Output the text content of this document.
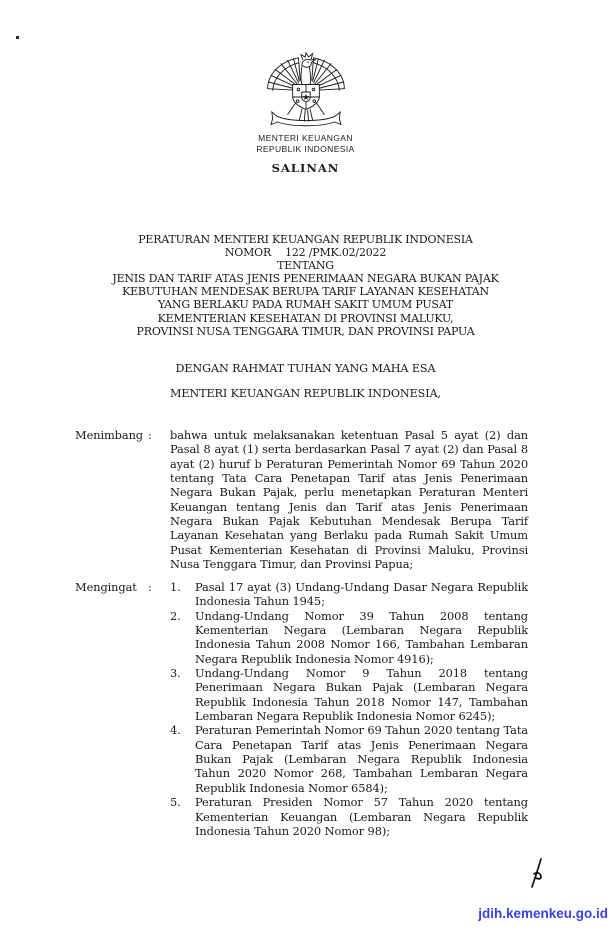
MENTERI KEUANGAN
REPUBLIK INDONESIA
SALINAN
PERATURAN MENTERI KEUANGAN REPUBLIK INDONESIA
NOMOR 122 /PMK.02/2022
TENTANG
JENIS DAN TARIF ATAS JENIS PENERIMAAN NEGARA BUKAN PAJAK
KEBUTUHAN MENDESAK BERUPA TARIF LAYANAN KESEHATAN
YANG BERLAKU PADA RUMAH SAKIT UMUM PUSAT
KEMENTERIAN KESEHATAN DI PROVINSI MALUKU,
PROVINSI NUSA TENGGARA TIMUR, DAN PROVINSI PAPUA
DENGAN RAHMAT TUHAN YANG MAHA ESA
MENTERI KEUANGAN REPUBLIK INDONESIA,
Menimbang :	bahwa untuk melaksanakan ketentuan Pasal 5 ayat (2) dan Pasal 8 ayat (1) serta berdasarkan Pasal 7 ayat (2) dan Pasal 8 ayat (2) huruf b Peraturan Pemerintah Nomor 69 Tahun 2020 tentang Tata Cara Penetapan Tarif atas Jenis Penerimaan Negara Bukan Pajak, perlu menetapkan Peraturan Menteri Keuangan tentang Jenis dan Tarif atas Jenis Penerimaan Negara Bukan Pajak Kebutuhan Mendesak Berupa Tarif Layanan Kesehatan yang Berlaku pada Rumah Sakit Umum Pusat Kementerian Kesehatan di Provinsi Maluku, Provinsi Nusa Tenggara Timur, dan Provinsi Papua;
Mengingat :	1.	Pasal 17 ayat (3) Undang-Undang Dasar Negara Republik Indonesia Tahun 1945;
2.	Undang-Undang Nomor 39 Tahun 2008 tentang Kementerian Negara (Lembaran Negara Republik Indonesia Tahun 2008 Nomor 166, Tambahan Lembaran Negara Republik Indonesia Nomor 4916);
3.	Undang-Undang Nomor 9 Tahun 2018 tentang Penerimaan Negara Bukan Pajak (Lembaran Negara Republik Indonesia Tahun 2018 Nomor 147, Tambahan Lembaran Negara Republik Indonesia Nomor 6245);
4.	Peraturan Pemerintah Nomor 69 Tahun 2020 tentang Tata Cara Penetapan Tarif atas Jenis Penerimaan Negara Bukan Pajak (Lembaran Negara Republik Indonesia Tahun 2020 Nomor 268, Tambahan Lembaran Negara Republik Indonesia Nomor 6584);
5.	Peraturan Presiden Nomor 57 Tahun 2020 tentang Kementerian Keuangan (Lembaran Negara Republik Indonesia Tahun 2020 Nomor 98);
jdih.kemenkeu.go.id
